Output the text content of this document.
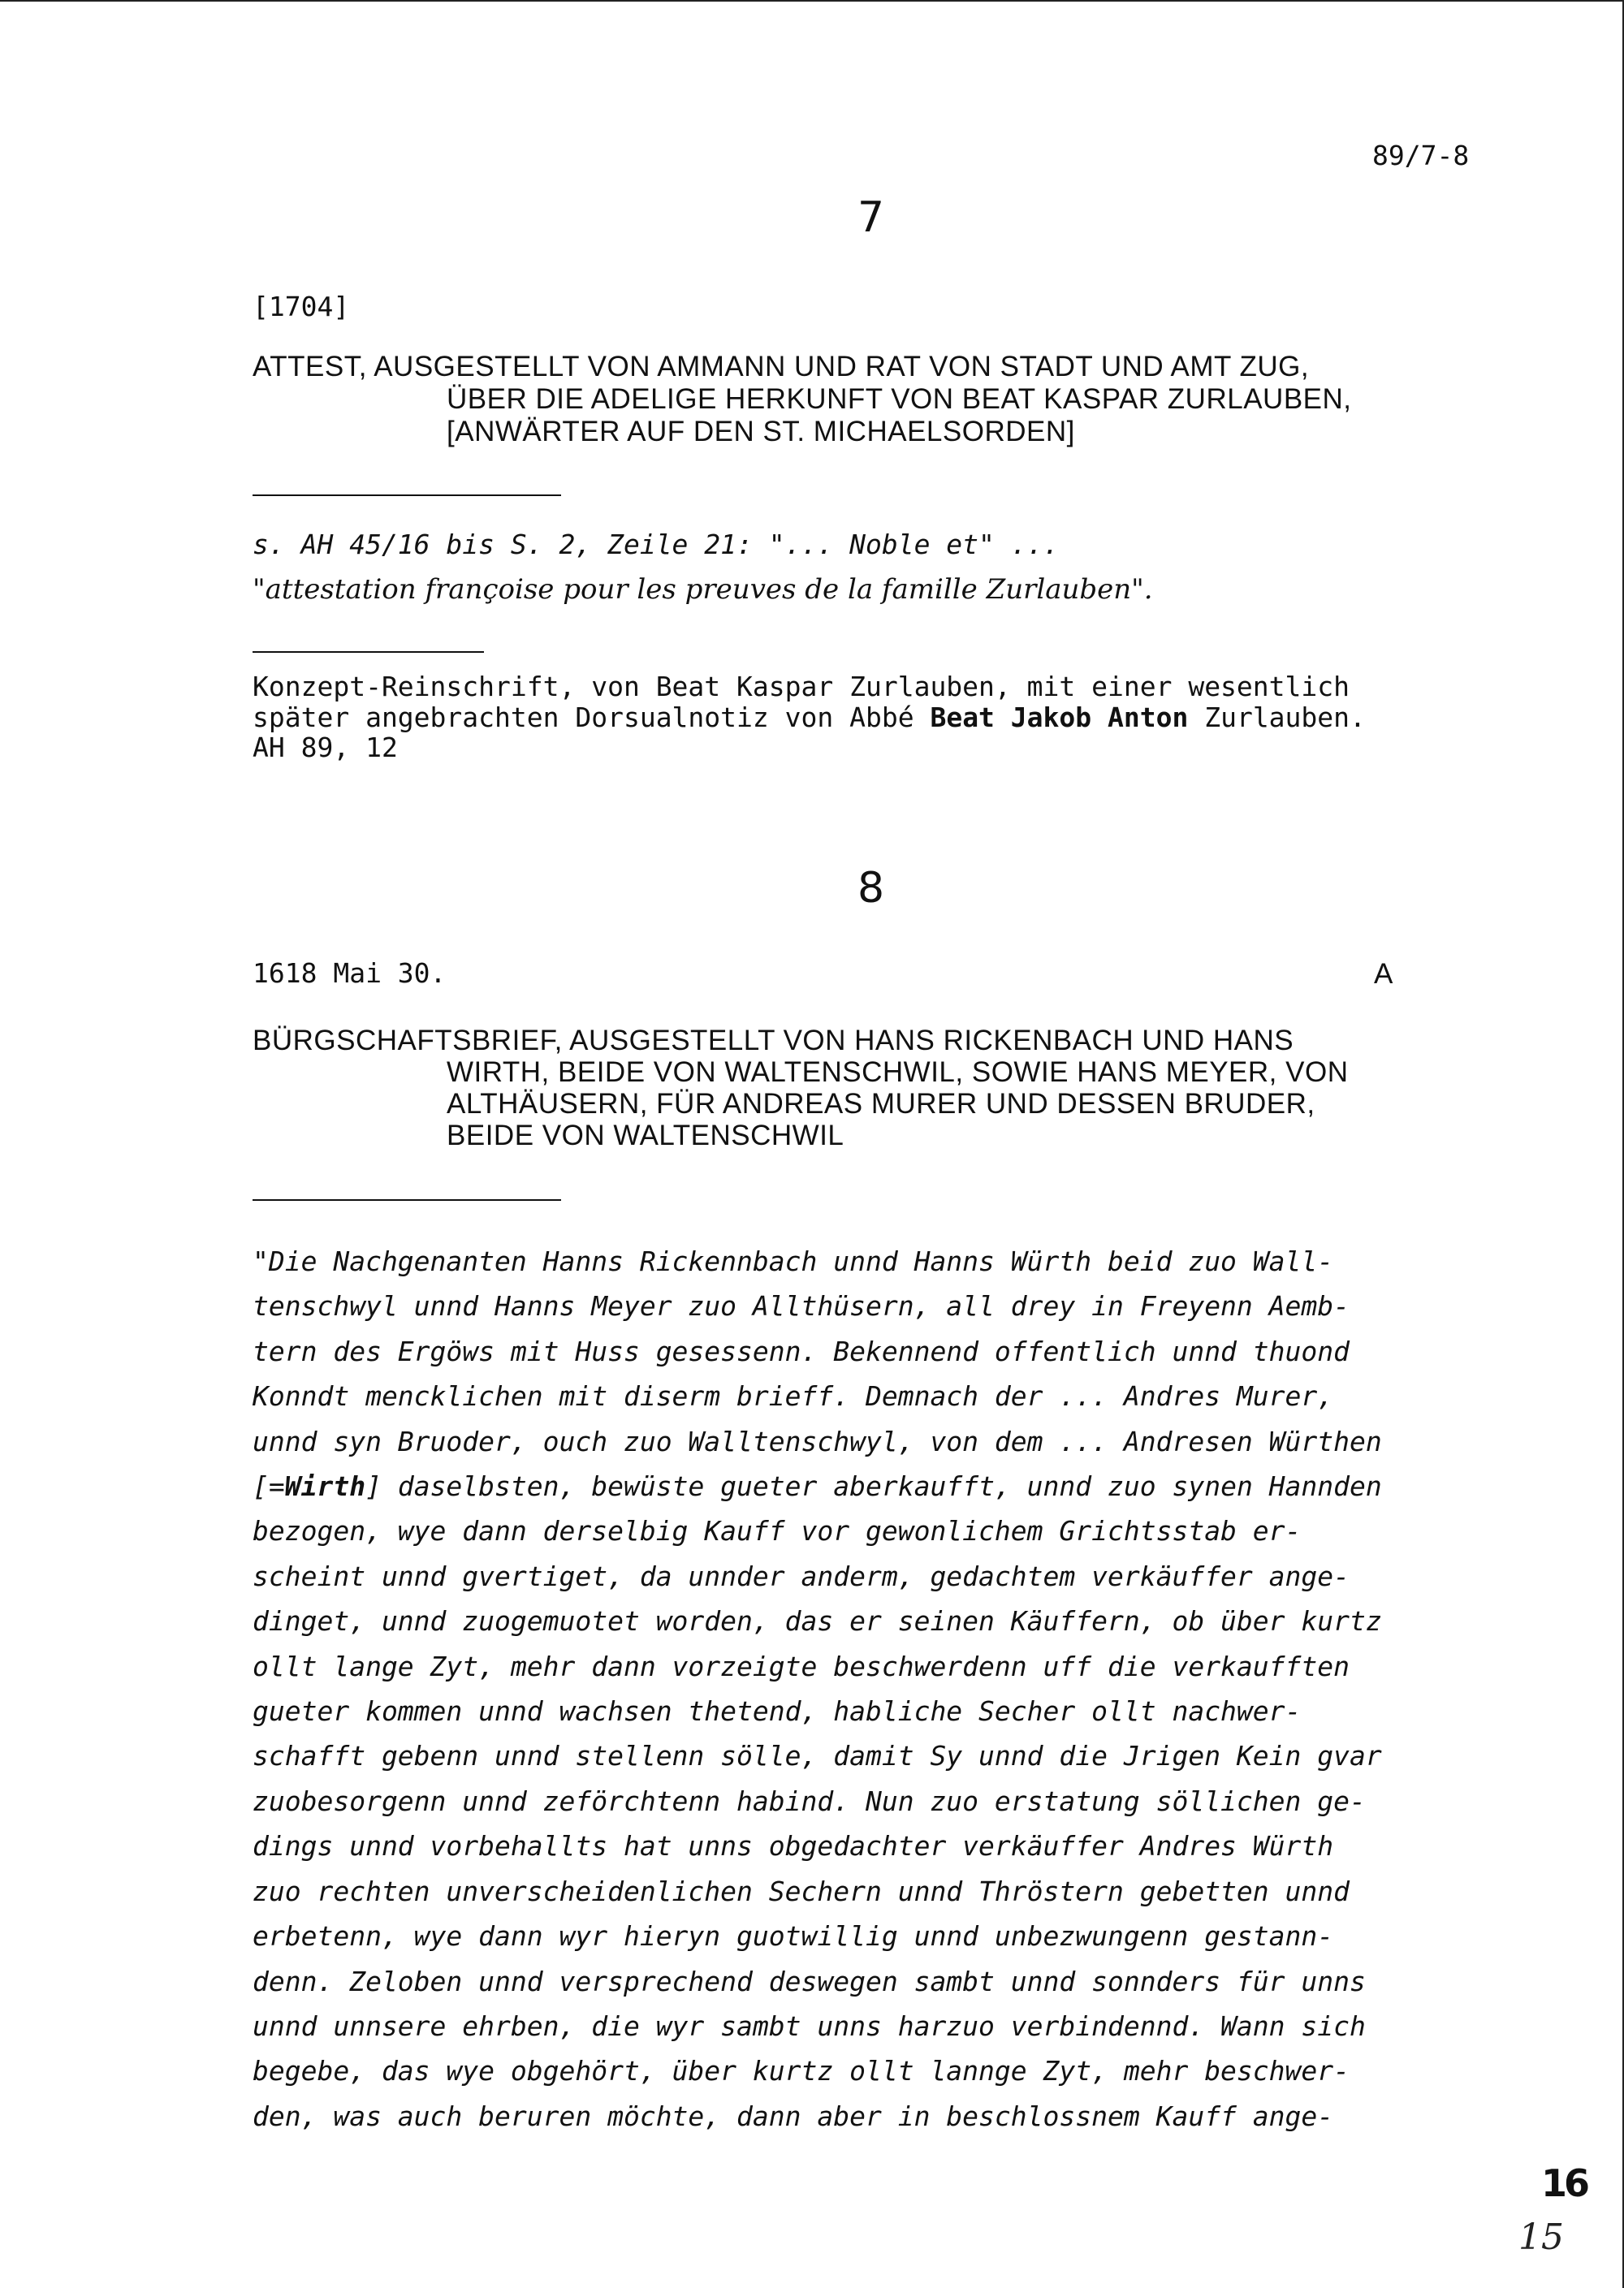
89/7-8
7
[1704]
ATTEST, AUSGESTELLT VON AMMANN UND RAT VON STADT UND AMT ZUG,
ÜBER DIE ADELIGE HERKUNFT VON BEAT KASPAR ZURLAUBEN,
[ANWÄRTER AUF DEN ST. MICHAELSORDEN]
s. AH 45/16 bis S. 2, Zeile 21: "... Noble et" ...
"attestation françoise pour les preuves de la famille Zurlauben".
Konzept-Reinschrift, von Beat Kaspar Zurlauben, mit einer wesentlich
später angebrachten Dorsualnotiz von Abbé Beat Jakob Anton Zurlauben.
AH 89, 12
8
1618 Mai 30.	A
BÜRGSCHAFTSBRIEF, AUSGESTELLT VON HANS RICKENBACH UND HANS
WIRTH, BEIDE VON WALTENSCHWIL, SOWIE HANS MEYER, VON
ALTHÄUSERN, FÜR ANDREAS MURER UND DESSEN BRUDER,
BEIDE VON WALTENSCHWIL
"Die Nachgenanten Hanns Rickennbach unnd Hanns Würth beid zuo Wall-
tenschwyl unnd Hanns Meyer zuo Allthüsern, all drey in Freyenn Aemb-
tern des Ergöws mit Huss gesessenn. Bekennend offentlich unnd thuond
Konndt mencklichen mit diserm brieff. Demnach der ... Andres Murer,
unnd syn Bruoder, ouch zuo Walltenschwyl, von dem ... Andresen Würthen
[=Wirth] daselbsten, bewüste gueter aberkaufft, unnd zuo synen Hannden
bezogen, wye dann derselbig Kauff vor gewonlichem Grichtsstab er-
scheint unnd gvertiget, da unnder anderm, gedachtem verkäuffer ange-
dinget, unnd zuogemuotet worden, das er seinen Käuffern, ob über kurtz
ollt lange Zyt, mehr dann vorzeigte beschwerdenn uff die verkaufften
gueter kommen unnd wachsen thetend, habliche Secher ollt nachwer-
schafft gebenn unnd stellenn sölle, damit Sy unnd die Jrigen Kein gvar
zuobesorgenn unnd zeförchtenn habind. Nun zuo erstatung söllichen ge-
dings unnd vorbehallts hat unns obgedachter verkäuffer Andres Würth
zuo rechten unverscheidenlichen Sechern unnd Thröstern gebetten unnd
erbetenn, wye dann wyr hieryn guotwillig unnd unbezwungenn gestann-
denn. Zeloben unnd versprechend deswegen sambt unnd sonnders für unns
unnd unnsere ehrben, die wyr sambt unns harzuo verbindennd. Wann sich
begebe, das wye obgehört, über kurtz ollt lannge Zyt, mehr beschwer-
den, was auch beruren möchte, dann aber in beschlossnem Kauff ange-
16
15
